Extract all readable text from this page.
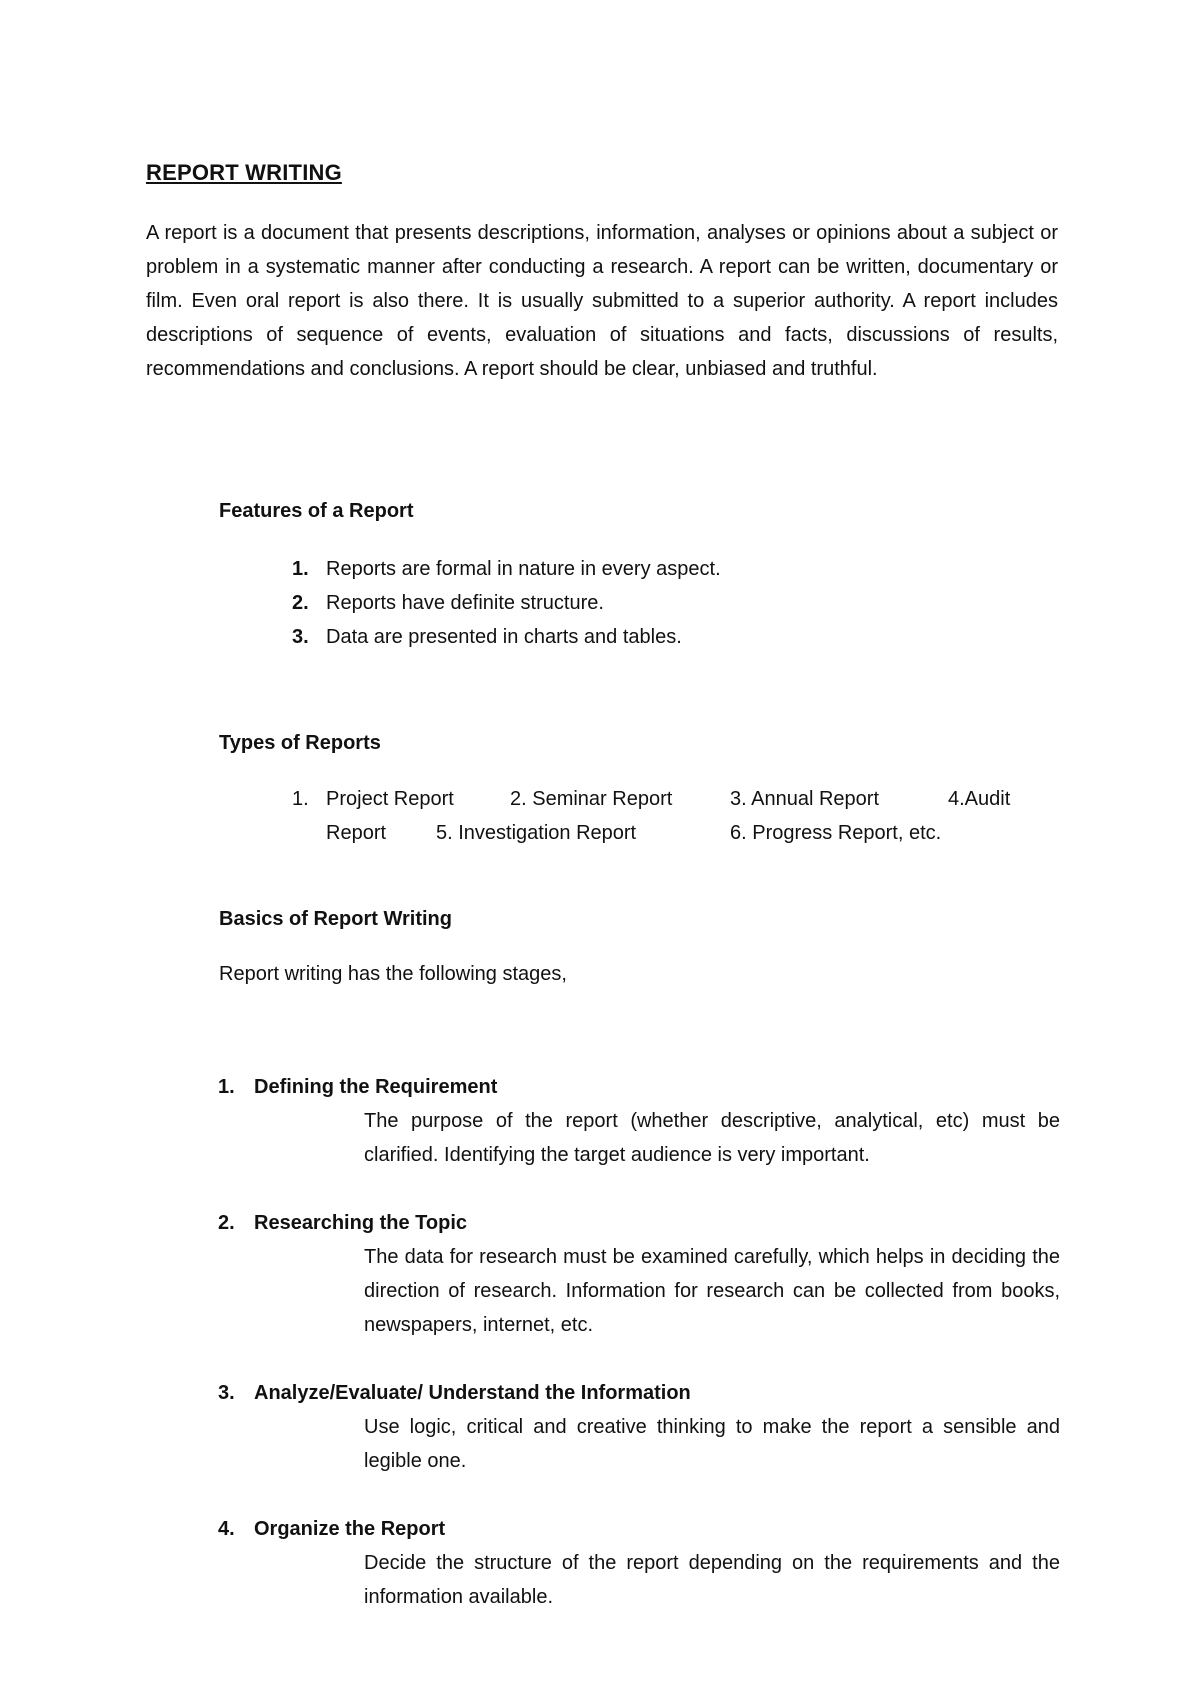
REPORT WRITING

A report is a document that presents descriptions, information, analyses or opinions about a subject or problem in a systematic manner after conducting a research. A report can be written, documentary or film. Even oral report is also there. It is usually submitted to a superior authority. A report includes descriptions of sequence of events, evaluation of situations and facts, discussions of results, recommendations and conclusions. A report should be clear, unbiased and truthful.

Features of a Report
1. Reports are formal in nature in every aspect.
2. Reports have definite structure.
3. Data are presented in charts and tables.
Types of Reports
1. Project Report	2. Seminar Report	3. Annual Report	4.Audit
Report 5. Investigation Report	6. Progress Report, etc.
Basics of Report Writing
Report writing has the following stages,
1. Defining the Requirement

The purpose of the report (whether descriptive, analytical, etc) must be clarified. Identifying the target audience is very important.

2. Researching the Topic

The data for research must be examined carefully, which helps in deciding the direction of research. Information for research can be collected from books, newspapers, internet, etc.

3. Analyze/Evaluate/ Understand the Information

Use logic, critical and creative thinking to make the report a sensible and legible one.

4. Organize the Report

Decide the structure of the report depending on the requirements and the information available.
